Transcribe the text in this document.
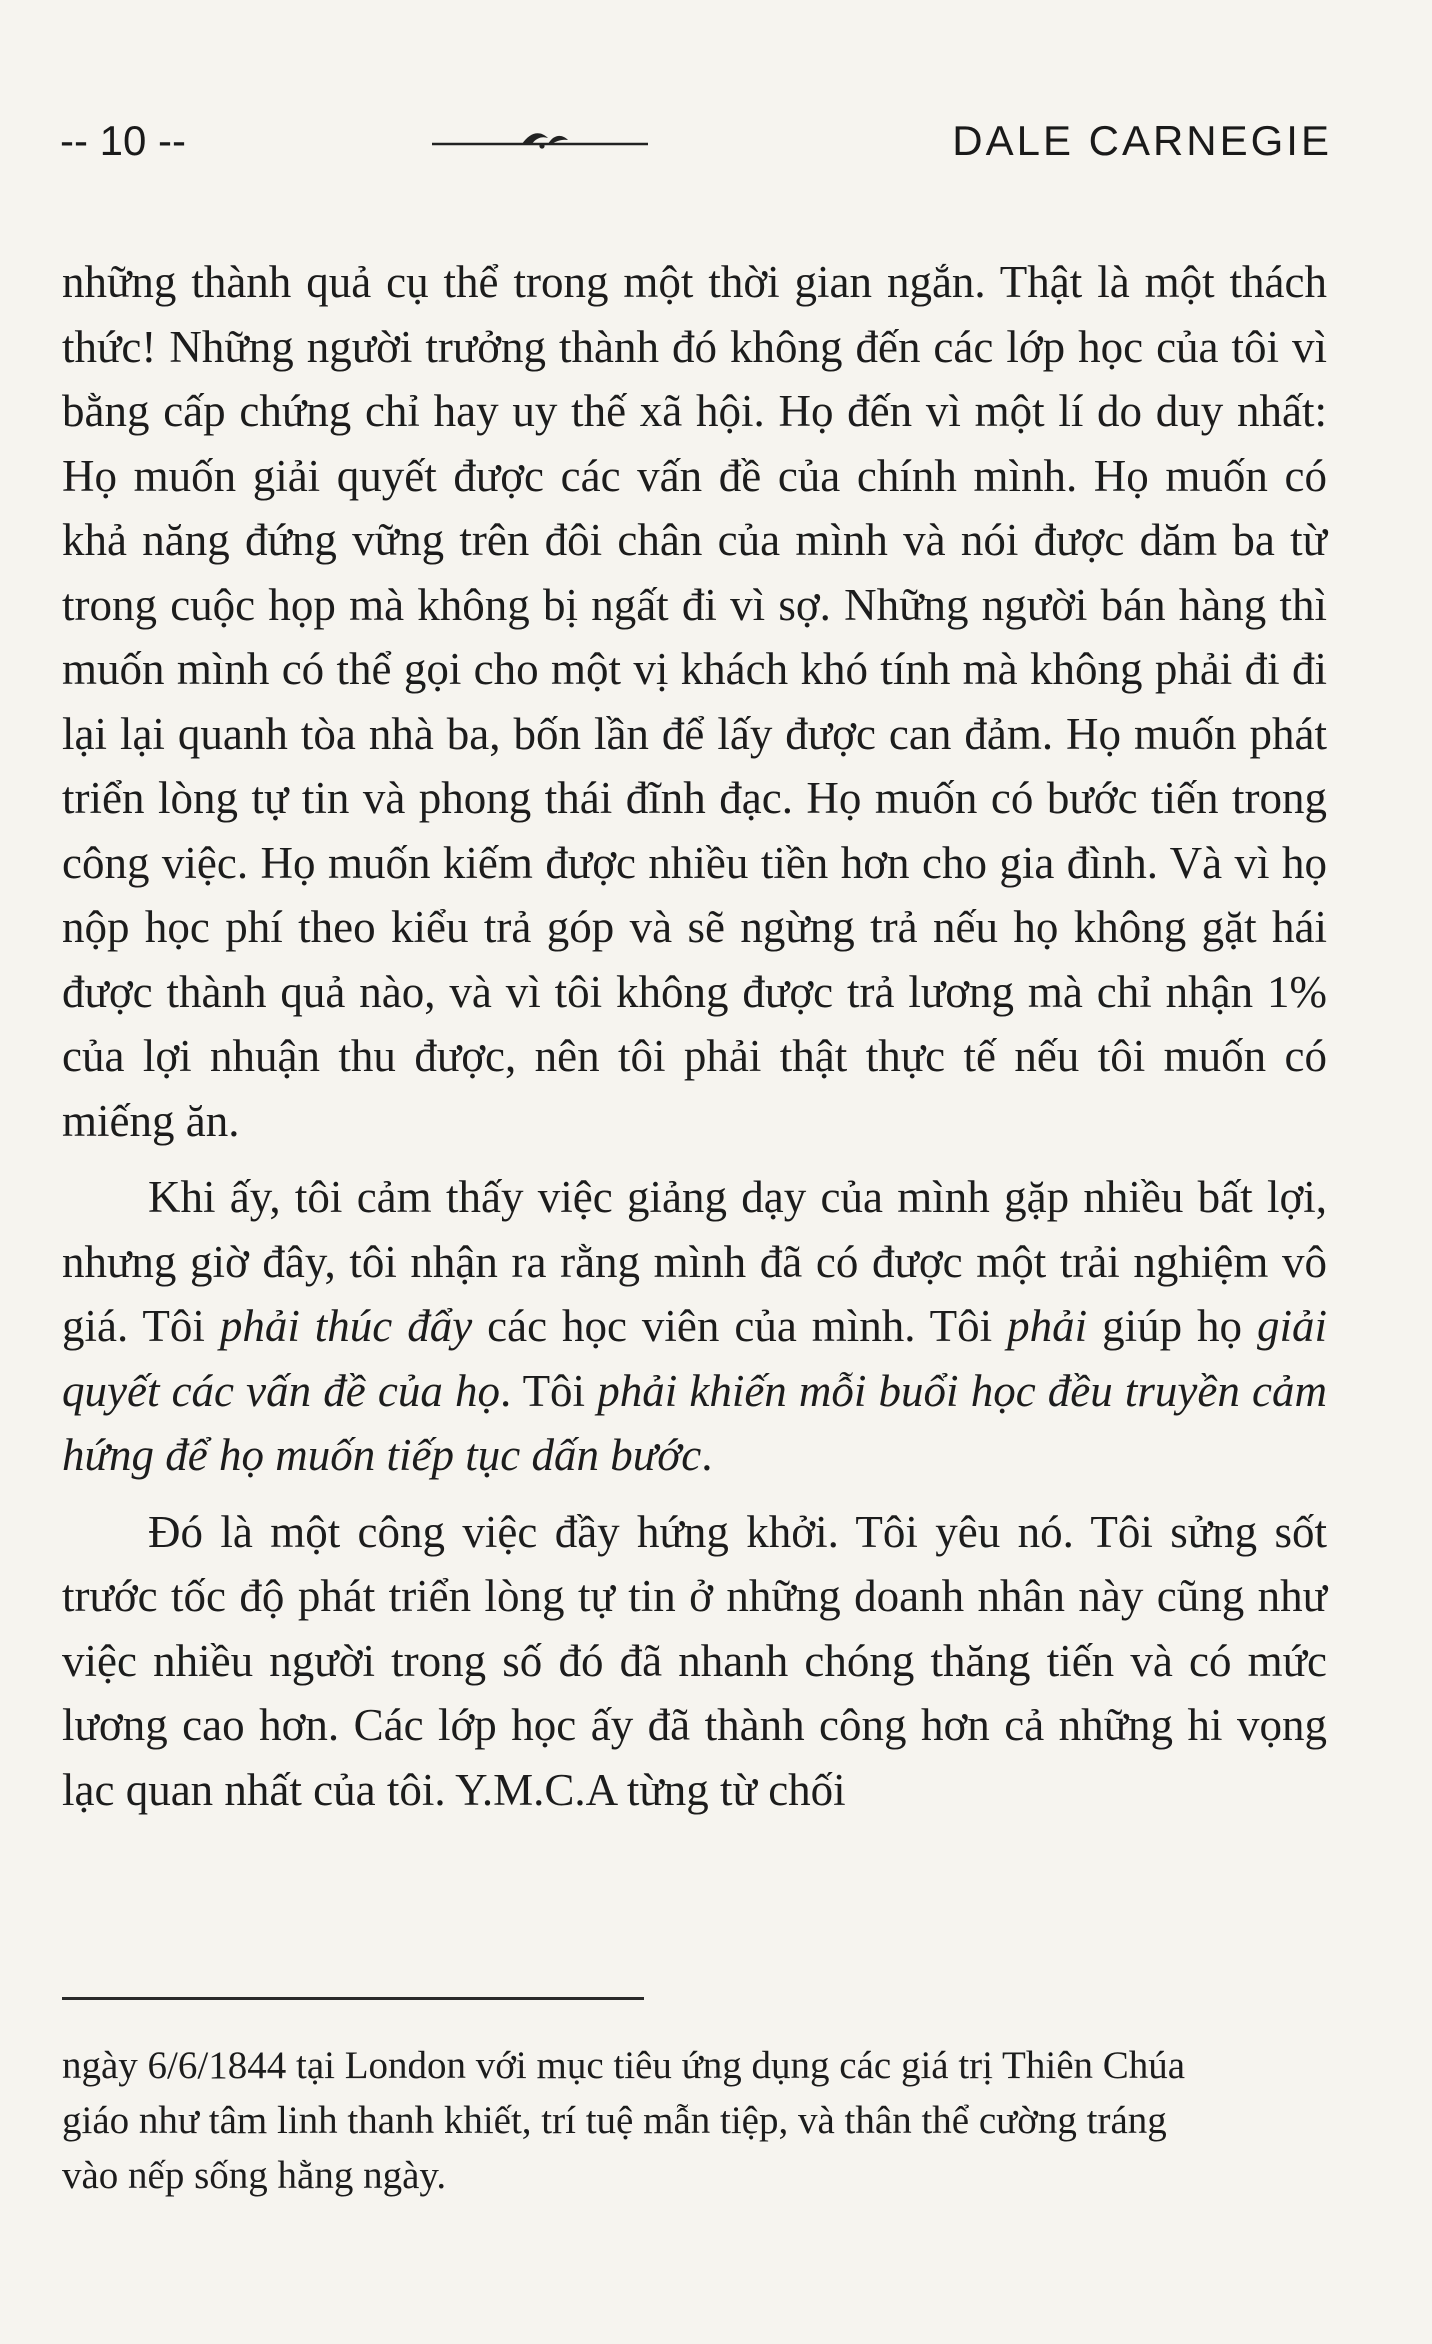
-- 10 --	DALE CARNEGIE

những thành quả cụ thể trong một thời gian ngắn. Thật là một thách thức! Những người trưởng thành đó không đến các lớp học của tôi vì bằng cấp chứng chỉ hay uy thế xã hội. Họ đến vì một lí do duy nhất: Họ muốn giải quyết được các vấn đề của chính mình. Họ muốn có khả năng đứng vững trên đôi chân của mình và nói được dăm ba từ trong cuộc họp mà không bị ngất đi vì sợ. Những người bán hàng thì muốn mình có thể gọi cho một vị khách khó tính mà không phải đi đi lại lại quanh tòa nhà ba, bốn lần để lấy được can đảm. Họ muốn phát triển lòng tự tin và phong thái đĩnh đạc. Họ muốn có bước tiến trong công việc. Họ muốn kiếm được nhiều tiền hơn cho gia đình. Và vì họ nộp học phí theo kiểu trả góp và sẽ ngừng trả nếu họ không gặt hái được thành quả nào, và vì tôi không được trả lương mà chỉ nhận 1% của lợi nhuận thu được, nên tôi phải thật thực tế nếu tôi muốn có miếng ăn.

Khi ấy, tôi cảm thấy việc giảng dạy của mình gặp nhiều bất lợi, nhưng giờ đây, tôi nhận ra rằng mình đã có được một trải nghiệm vô giá. Tôi phải thúc đẩy các học viên của mình. Tôi phải giúp họ giải quyết các vấn đề của họ. Tôi phải khiến mỗi buổi học đều truyền cảm hứng để họ muốn tiếp tục dấn bước.

Đó là một công việc đầy hứng khởi. Tôi yêu nó. Tôi sửng sốt trước tốc độ phát triển lòng tự tin ở những doanh nhân này cũng như việc nhiều người trong số đó đã nhanh chóng thăng tiến và có mức lương cao hơn. Các lớp học ấy đã thành công hơn cả những hi vọng lạc quan nhất của tôi. Y.M.C.A từng từ chối

ngày 6/6/1844 tại London với mục tiêu ứng dụng các giá trị Thiên Chúa
giáo như tâm linh thanh khiết, trí tuệ mẫn tiệp, và thân thể cường tráng
vào nếp sống hằng ngày.
